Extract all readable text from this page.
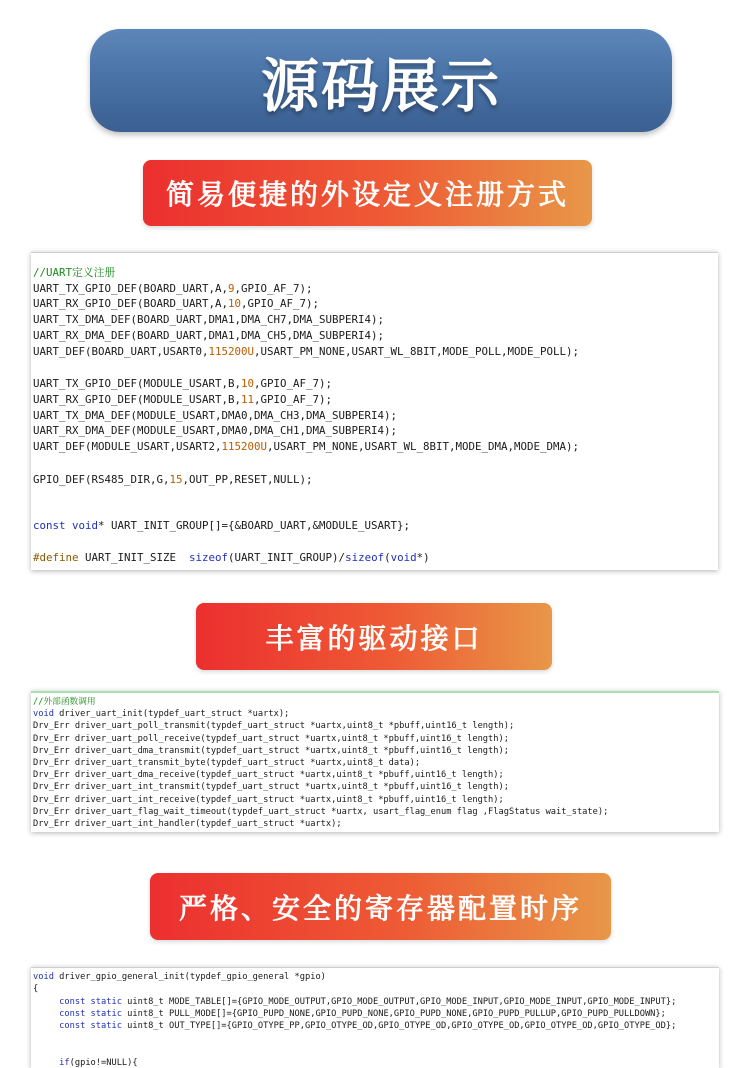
源码展示
简易便捷的外设定义注册方式
//UART定义注册
UART_TX_GPIO_DEF(BOARD_UART,A,9,GPIO_AF_7);
UART_RX_GPIO_DEF(BOARD_UART,A,10,GPIO_AF_7);
UART_TX_DMA_DEF(BOARD_UART,DMA1,DMA_CH7,DMA_SUBPERI4);
UART_RX_DMA_DEF(BOARD_UART,DMA1,DMA_CH5,DMA_SUBPERI4);
UART_DEF(BOARD_UART,USART0,115200U,USART_PM_NONE,USART_WL_8BIT,MODE_POLL,MODE_POLL);
UART_TX_GPIO_DEF(MODULE_USART,B,10,GPIO_AF_7);
UART_RX_GPIO_DEF(MODULE_USART,B,11,GPIO_AF_7);
UART_TX_DMA_DEF(MODULE_USART,DMA0,DMA_CH3,DMA_SUBPERI4);
UART_RX_DMA_DEF(MODULE_USART,DMA0,DMA_CH1,DMA_SUBPERI4);
UART_DEF(MODULE_USART,USART2,115200U,USART_PM_NONE,USART_WL_8BIT,MODE_DMA,MODE_DMA);
GPIO_DEF(RS485_DIR,G,15,OUT_PP,RESET,NULL);
const void* UART_INIT_GROUP[]={&BOARD_UART,&MODULE_USART};
#define UART_INIT_SIZE  sizeof(UART_INIT_GROUP)/sizeof(void*)
丰富的驱动接口
//外部函数调用
void driver_uart_init(typdef_uart_struct *uartx);
Drv_Err driver_uart_poll_transmit(typdef_uart_struct *uartx,uint8_t *pbuff,uint16_t length);
Drv_Err driver_uart_poll_receive(typdef_uart_struct *uartx,uint8_t *pbuff,uint16_t length);
Drv_Err driver_uart_dma_transmit(typdef_uart_struct *uartx,uint8_t *pbuff,uint16_t length);
Drv_Err driver_uart_transmit_byte(typdef_uart_struct *uartx,uint8_t data);
Drv_Err driver_uart_dma_receive(typdef_uart_struct *uartx,uint8_t *pbuff,uint16_t length);
Drv_Err driver_uart_int_transmit(typdef_uart_struct *uartx,uint8_t *pbuff,uint16_t length);
Drv_Err driver_uart_int_receive(typdef_uart_struct *uartx,uint8_t *pbuff,uint16_t length);
Drv_Err driver_uart_flag_wait_timeout(typdef_uart_struct *uartx, usart_flag_enum flag ,FlagStatus wait_state);
Drv_Err driver_uart_int_handler(typdef_uart_struct *uartx);
严格、安全的寄存器配置时序
void driver_gpio_general_init(typdef_gpio_general *gpio)
{
const static uint8_t MODE_TABLE[]={GPIO_MODE_OUTPUT,GPIO_MODE_OUTPUT,GPIO_MODE_INPUT,GPIO_MODE_INPUT,GPIO_MODE_INPUT};
const static uint8_t PULL_MODE[]={GPIO_PUPD_NONE,GPIO_PUPD_NONE,GPIO_PUPD_NONE,GPIO_PUPD_PULLUP,GPIO_PUPD_PULLDOWN};
const static uint8_t OUT_TYPE[]={GPIO_OTYPE_PP,GPIO_OTYPE_OD,GPIO_OTYPE_OD,GPIO_OTYPE_OD,GPIO_OTYPE_OD,GPIO_OTYPE_OD};
if(gpio!=NULL){
